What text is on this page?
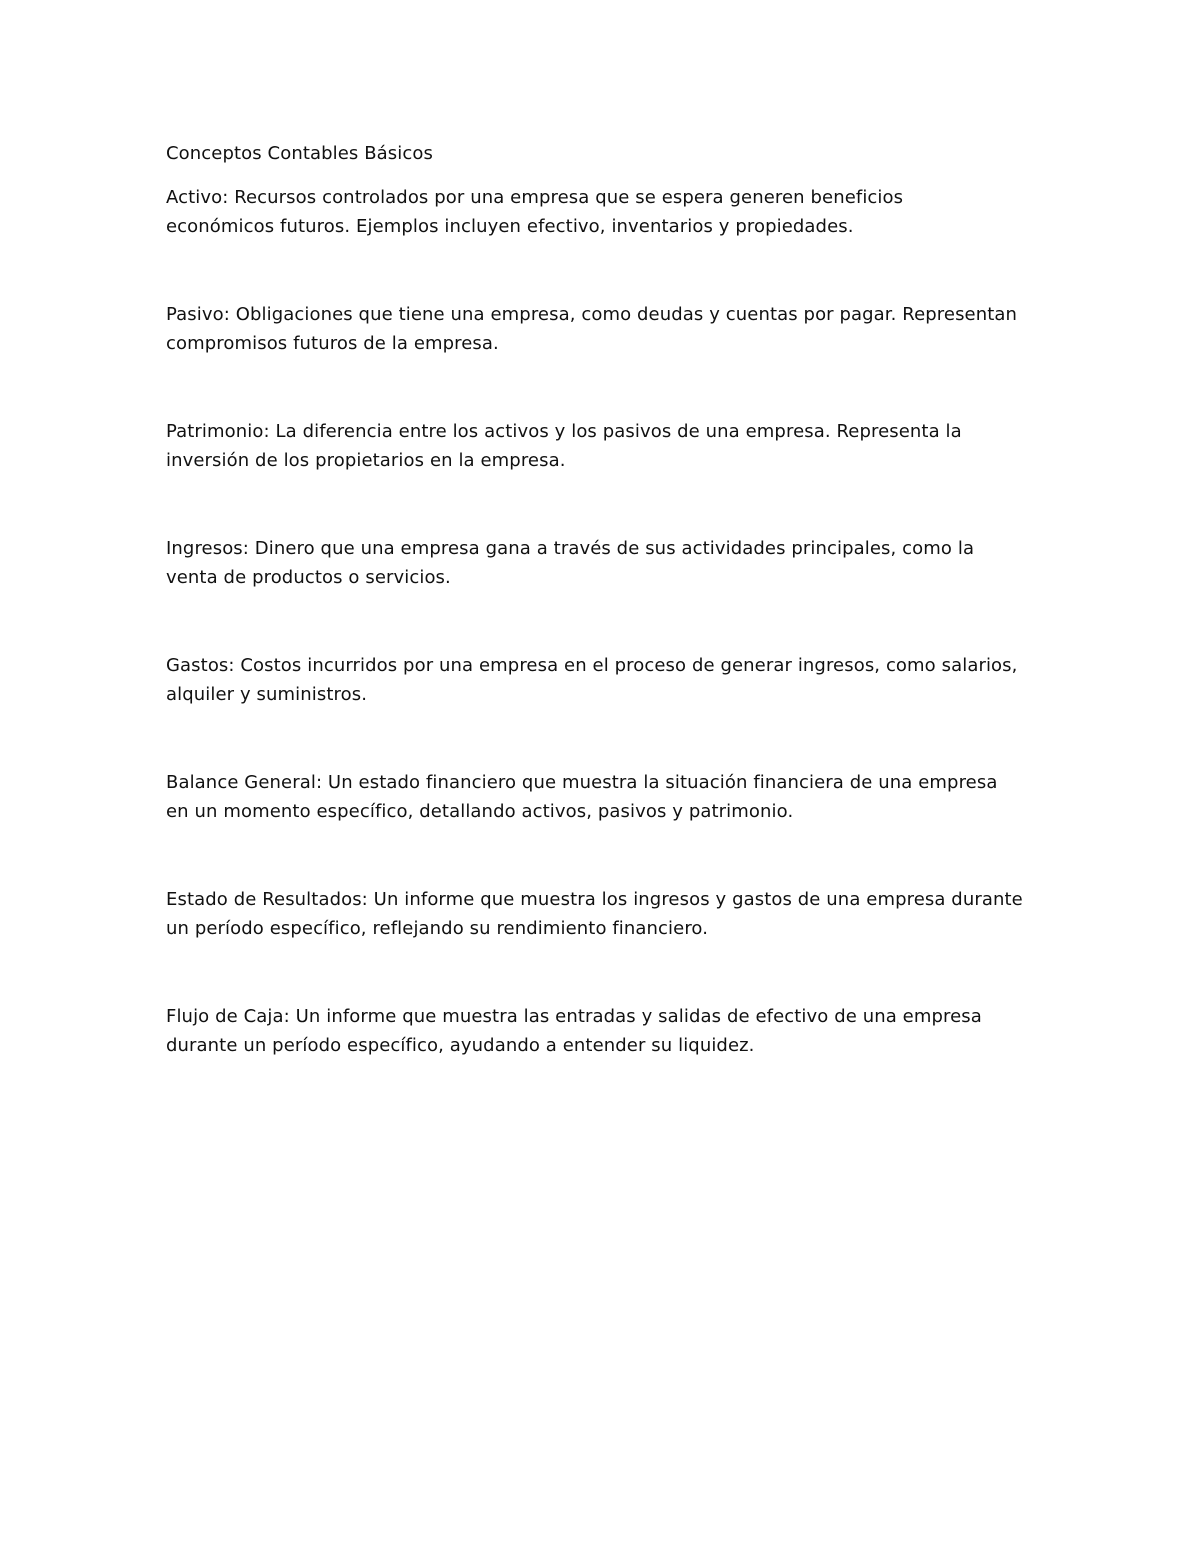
Conceptos Contables Básicos

Activo: Recursos controlados por una empresa que se espera generen beneficios
económicos futuros. Ejemplos incluyen efectivo, inventarios y propiedades.

Pasivo: Obligaciones que tiene una empresa, como deudas y cuentas por pagar. Representan
compromisos futuros de la empresa.

Patrimonio: La diferencia entre los activos y los pasivos de una empresa. Representa la
inversión de los propietarios en la empresa.

Ingresos: Dinero que una empresa gana a través de sus actividades principales, como la
venta de productos o servicios.

Gastos: Costos incurridos por una empresa en el proceso de generar ingresos, como salarios,
alquiler y suministros.

Balance General: Un estado financiero que muestra la situación financiera de una empresa
en un momento específico, detallando activos, pasivos y patrimonio.

Estado de Resultados: Un informe que muestra los ingresos y gastos de una empresa durante
un período específico, reflejando su rendimiento financiero.

Flujo de Caja: Un informe que muestra las entradas y salidas de efectivo de una empresa
durante un período específico, ayudando a entender su liquidez.
